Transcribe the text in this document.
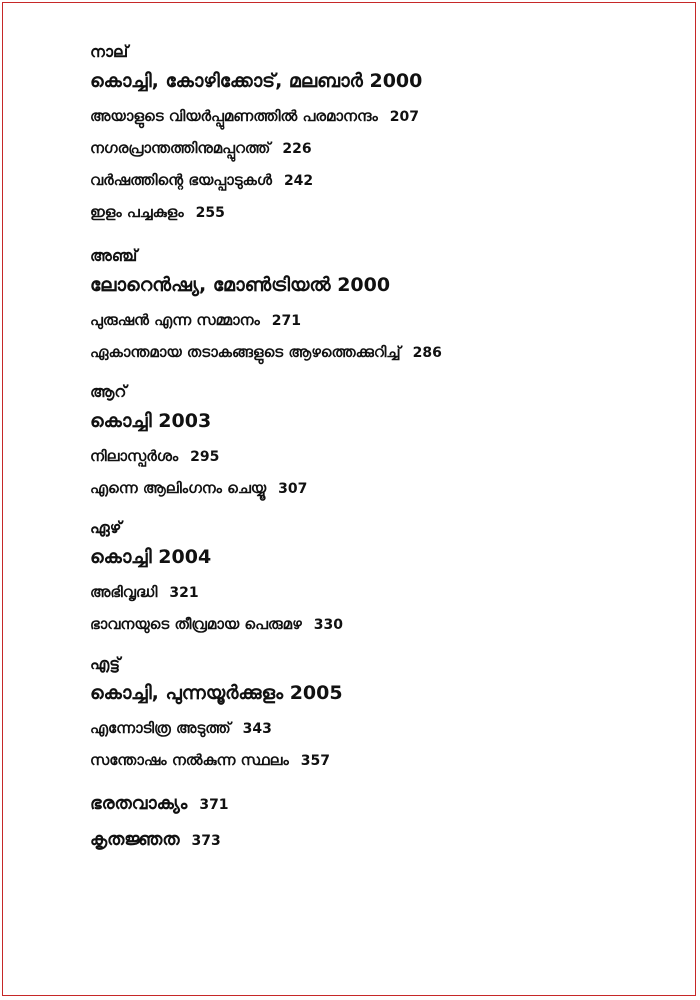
നാല്
കൊച്ചി, കോഴിക്കോട്, മലബാർ 2000
അയാളുടെ വിയർപ്പുമണത്തിൽ പരമാനന്ദം 207
നഗരപ്രാന്തത്തിനുമപ്പുറത്ത് 226
വർഷത്തിന്റെ ഭയപ്പാടുകൾ 242
ഇളം പച്ചകുളം 255
അഞ്ച്
ലോറെൻഷ്യ, മോൺട്രിയൽ 2000
പുരുഷൻ എന്ന സമ്മാനം 271
ഏകാന്തമായ തടാകങ്ങളുടെ ആഴത്തെക്കുറിച്ച് 286
ആറ്
കൊച്ചി 2003
നിലാസ്പർശം 295
എന്നെ ആലിംഗനം ചെയ്യൂ 307
ഏഴ്
കൊച്ചി 2004
അഭിവൃദ്ധി 321
ഭാവനയുടെ തീവ്രമായ പെരുമഴ 330
എട്ട്
കൊച്ചി, പുന്നയൂർക്കുളം 2005
എന്നോടിത്ര അടുത്ത് 343
സന്തോഷം നൽകുന്ന സ്ഥലം 357
ഭരതവാക്യം 371
കൃതജ്ഞത 373
